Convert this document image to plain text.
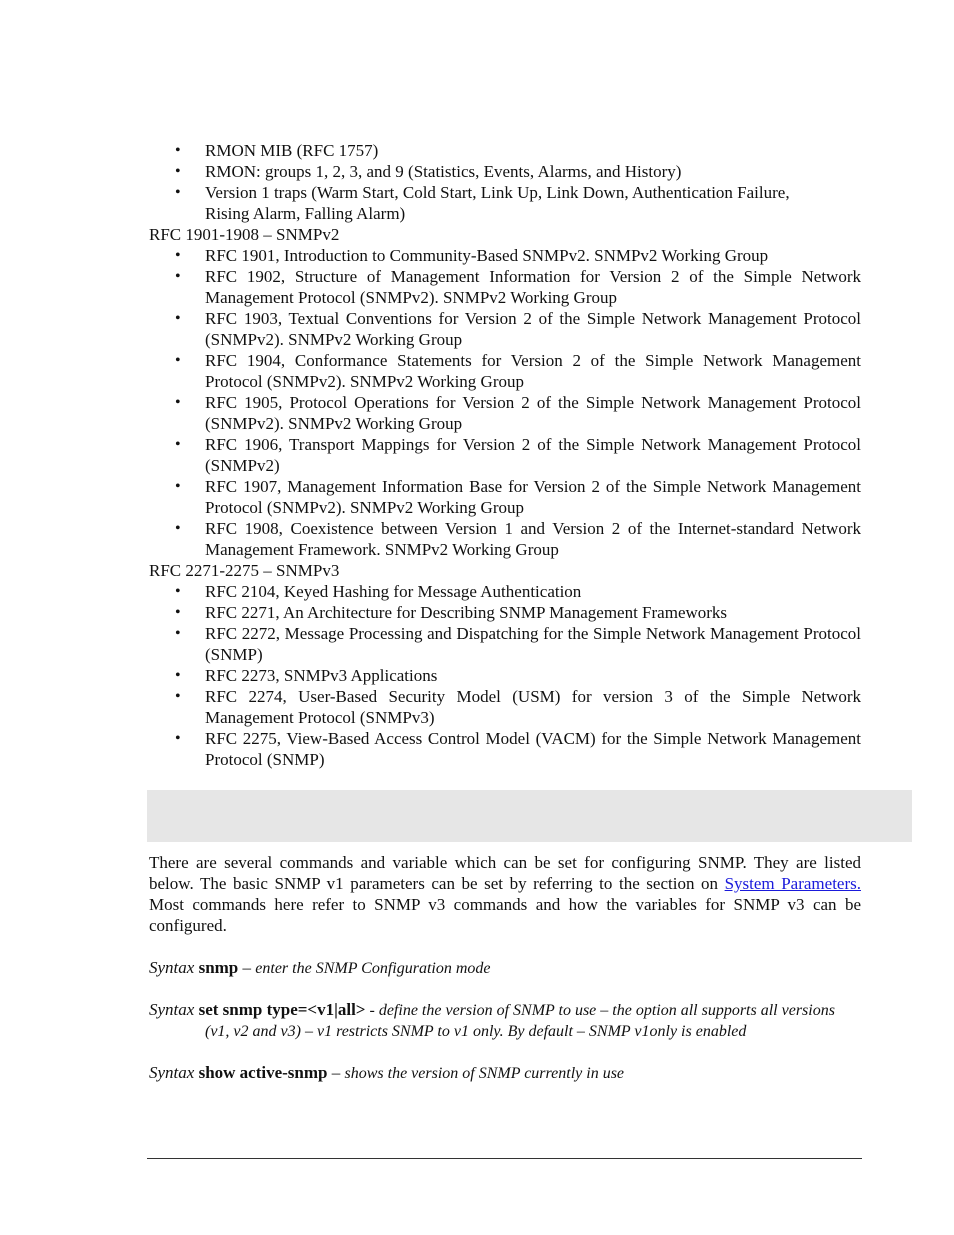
• RMON MIB (RFC 1757)
• RMON: groups 1, 2, 3, and 9 (Statistics, Events, Alarms, and History)
• Version 1 traps (Warm Start, Cold Start, Link Up, Link Down, Authentication Failure, Rising Alarm, Falling Alarm)
RFC 1901-1908 – SNMPv2
• RFC 1901, Introduction to Community-Based SNMPv2. SNMPv2 Working Group
• RFC 1902, Structure of Management Information for Version 2 of the Simple Network Management Protocol (SNMPv2). SNMPv2 Working Group
• RFC 1903, Textual Conventions for Version 2 of the Simple Network Management Protocol (SNMPv2). SNMPv2 Working Group
• RFC 1904, Conformance Statements for Version 2 of the Simple Network Management Protocol (SNMPv2). SNMPv2 Working Group
• RFC 1905, Protocol Operations for Version 2 of the Simple Network Management Protocol (SNMPv2). SNMPv2 Working Group
• RFC 1906, Transport Mappings for Version 2 of the Simple Network Management Protocol (SNMPv2)
• RFC 1907, Management Information Base for Version 2 of the Simple Network Management Protocol (SNMPv2). SNMPv2 Working Group
• RFC 1908, Coexistence between Version 1 and Version 2 of the Internet-standard Network Management Framework. SNMPv2 Working Group
RFC 2271-2275 – SNMPv3
• RFC 2104, Keyed Hashing for Message Authentication
• RFC 2271, An Architecture for Describing SNMP Management Frameworks
• RFC 2272, Message Processing and Dispatching for the Simple Network Management Protocol (SNMP)
• RFC 2273, SNMPv3 Applications
• RFC 2274, User-Based Security Model (USM) for version 3 of the Simple Network Management Protocol (SNMPv3)
• RFC 2275, View-Based Access Control Model (VACM) for the Simple Network Management Protocol (SNMP)
There are several commands and variable which can be set for configuring SNMP. They are listed below. The basic SNMP v1 parameters can be set by referring to the section on System Parameters. Most commands here refer to SNMP v3 commands and how the variables for SNMP v3 can be configured.
Syntax snmp – enter the SNMP Configuration mode
Syntax set snmp type=<v1|all> - define the version of SNMP to use – the option all supports all versions
(v1, v2 and v3) – v1 restricts SNMP to v1 only. By default – SNMP v1only is enabled
Syntax show active-snmp – shows the version of SNMP currently in use
